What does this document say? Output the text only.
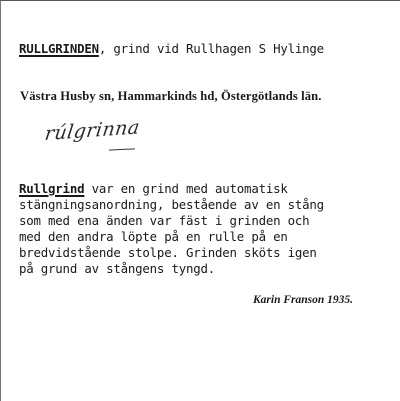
RULLGRINDEN, grind vid Rullhagen S Hylinge
Västra Husby sn, Hammarkinds hd, Östergötlands län.
rúlgrinna
Rullgrind var en grind med automatisk
stängningsanordning, bestående av en stång
som med ena änden var fäst i grinden och
med den andra löpte på en rulle på en
bredvidstående stolpe. Grinden sköts igen
på grund av stångens tyngd.
Karin Franson 1935.
